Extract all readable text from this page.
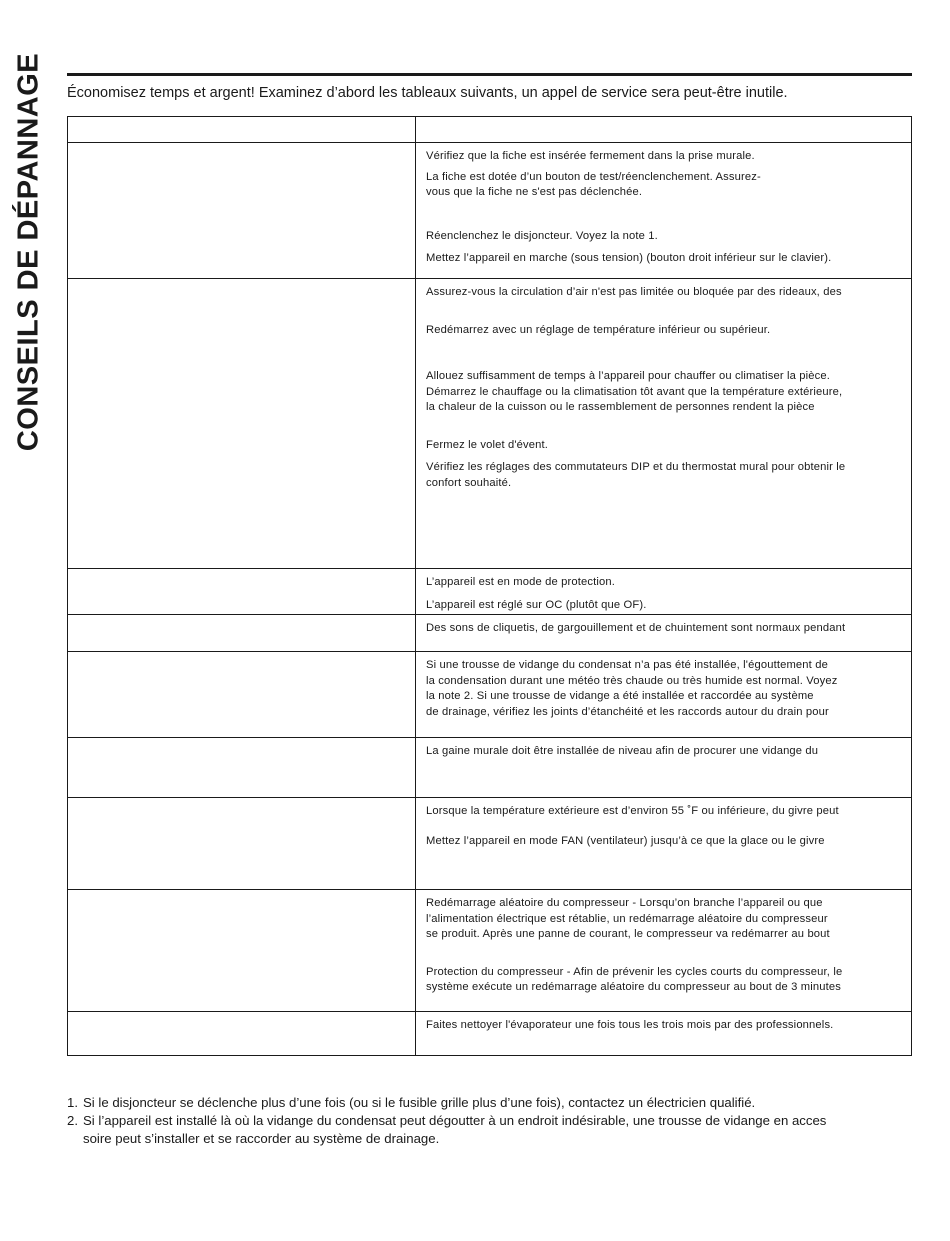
CONSEILS DE DÉPANNAGE Économisez temps et argent! Examinez d’abord les tableaux suivants, un appel de service sera peut-être inutile.

Vérifiez que la fiche est insérée fermement dans la prise murale.

La fiche est dotée d’un bouton de test/réenclenchement. Assurez-
vous que la fiche ne s'est pas déclenchée.

Réenclenchez le disjoncteur. Voyez la note 1.

Mettez l’appareil en marche (sous tension) (bouton droit inférieur sur le clavier).

Assurez-vous la circulation d’air n'est pas limitée ou bloquée par des rideaux, des

Redémarrez avec un réglage de température inférieur ou supérieur.

Allouez suffisamment de temps à l’appareil pour chauffer ou climatiser la pièce.
Démarrez le chauffage ou la climatisation tôt avant que la température extérieure,
la chaleur de la cuisson ou le rassemblement de personnes rendent la pièce

Fermez le volet d'évent.

Vérifiez les réglages des commutateurs DIP et du thermostat mural pour obtenir le
confort souhaité.

L’appareil est en mode de protection.

L’appareil est réglé sur OC (plutôt que OF).

Des sons de cliquetis, de gargouillement et de chuintement sont normaux pendant

Si une trousse de vidange du condensat n’a pas été installée, l'égouttement de
la condensation durant une météo très chaude ou très humide est normal. Voyez
la note 2. Si une trousse de vidange a été installée et raccordée au système
de drainage, vérifiez les joints d’étanchéité et les raccords autour du drain pour

La gaine murale doit être installée de niveau afin de procurer une vidange du

Lorsque la température extérieure est d’environ 55 ˚F ou inférieure, du givre peut

Mettez l’appareil en mode FAN (ventilateur) jusqu’à ce que la glace ou le givre

Redémarrage aléatoire du compresseur - Lorsqu’on branche l’appareil ou que
l’alimentation électrique est rétablie, un redémarrage aléatoire du compresseur
se produit. Après une panne de courant, le compresseur va redémarrer au bout

Protection du compresseur - Afin de prévenir les cycles courts du compresseur, le
système exécute un redémarrage aléatoire du compresseur au bout de 3 minutes

Faites nettoyer l'évaporateur une fois tous les trois mois par des professionnels.

1. Si le disjoncteur se déclenche plus d’une fois (ou si le fusible grille plus d’une fois), contactez un électricien qualifié.
2. Si l’appareil est installé là où la vidange du condensat peut dégoutter à un endroit indésirable, une trousse de vidange en acces
soire peut s’installer et se raccorder au système de drainage.
